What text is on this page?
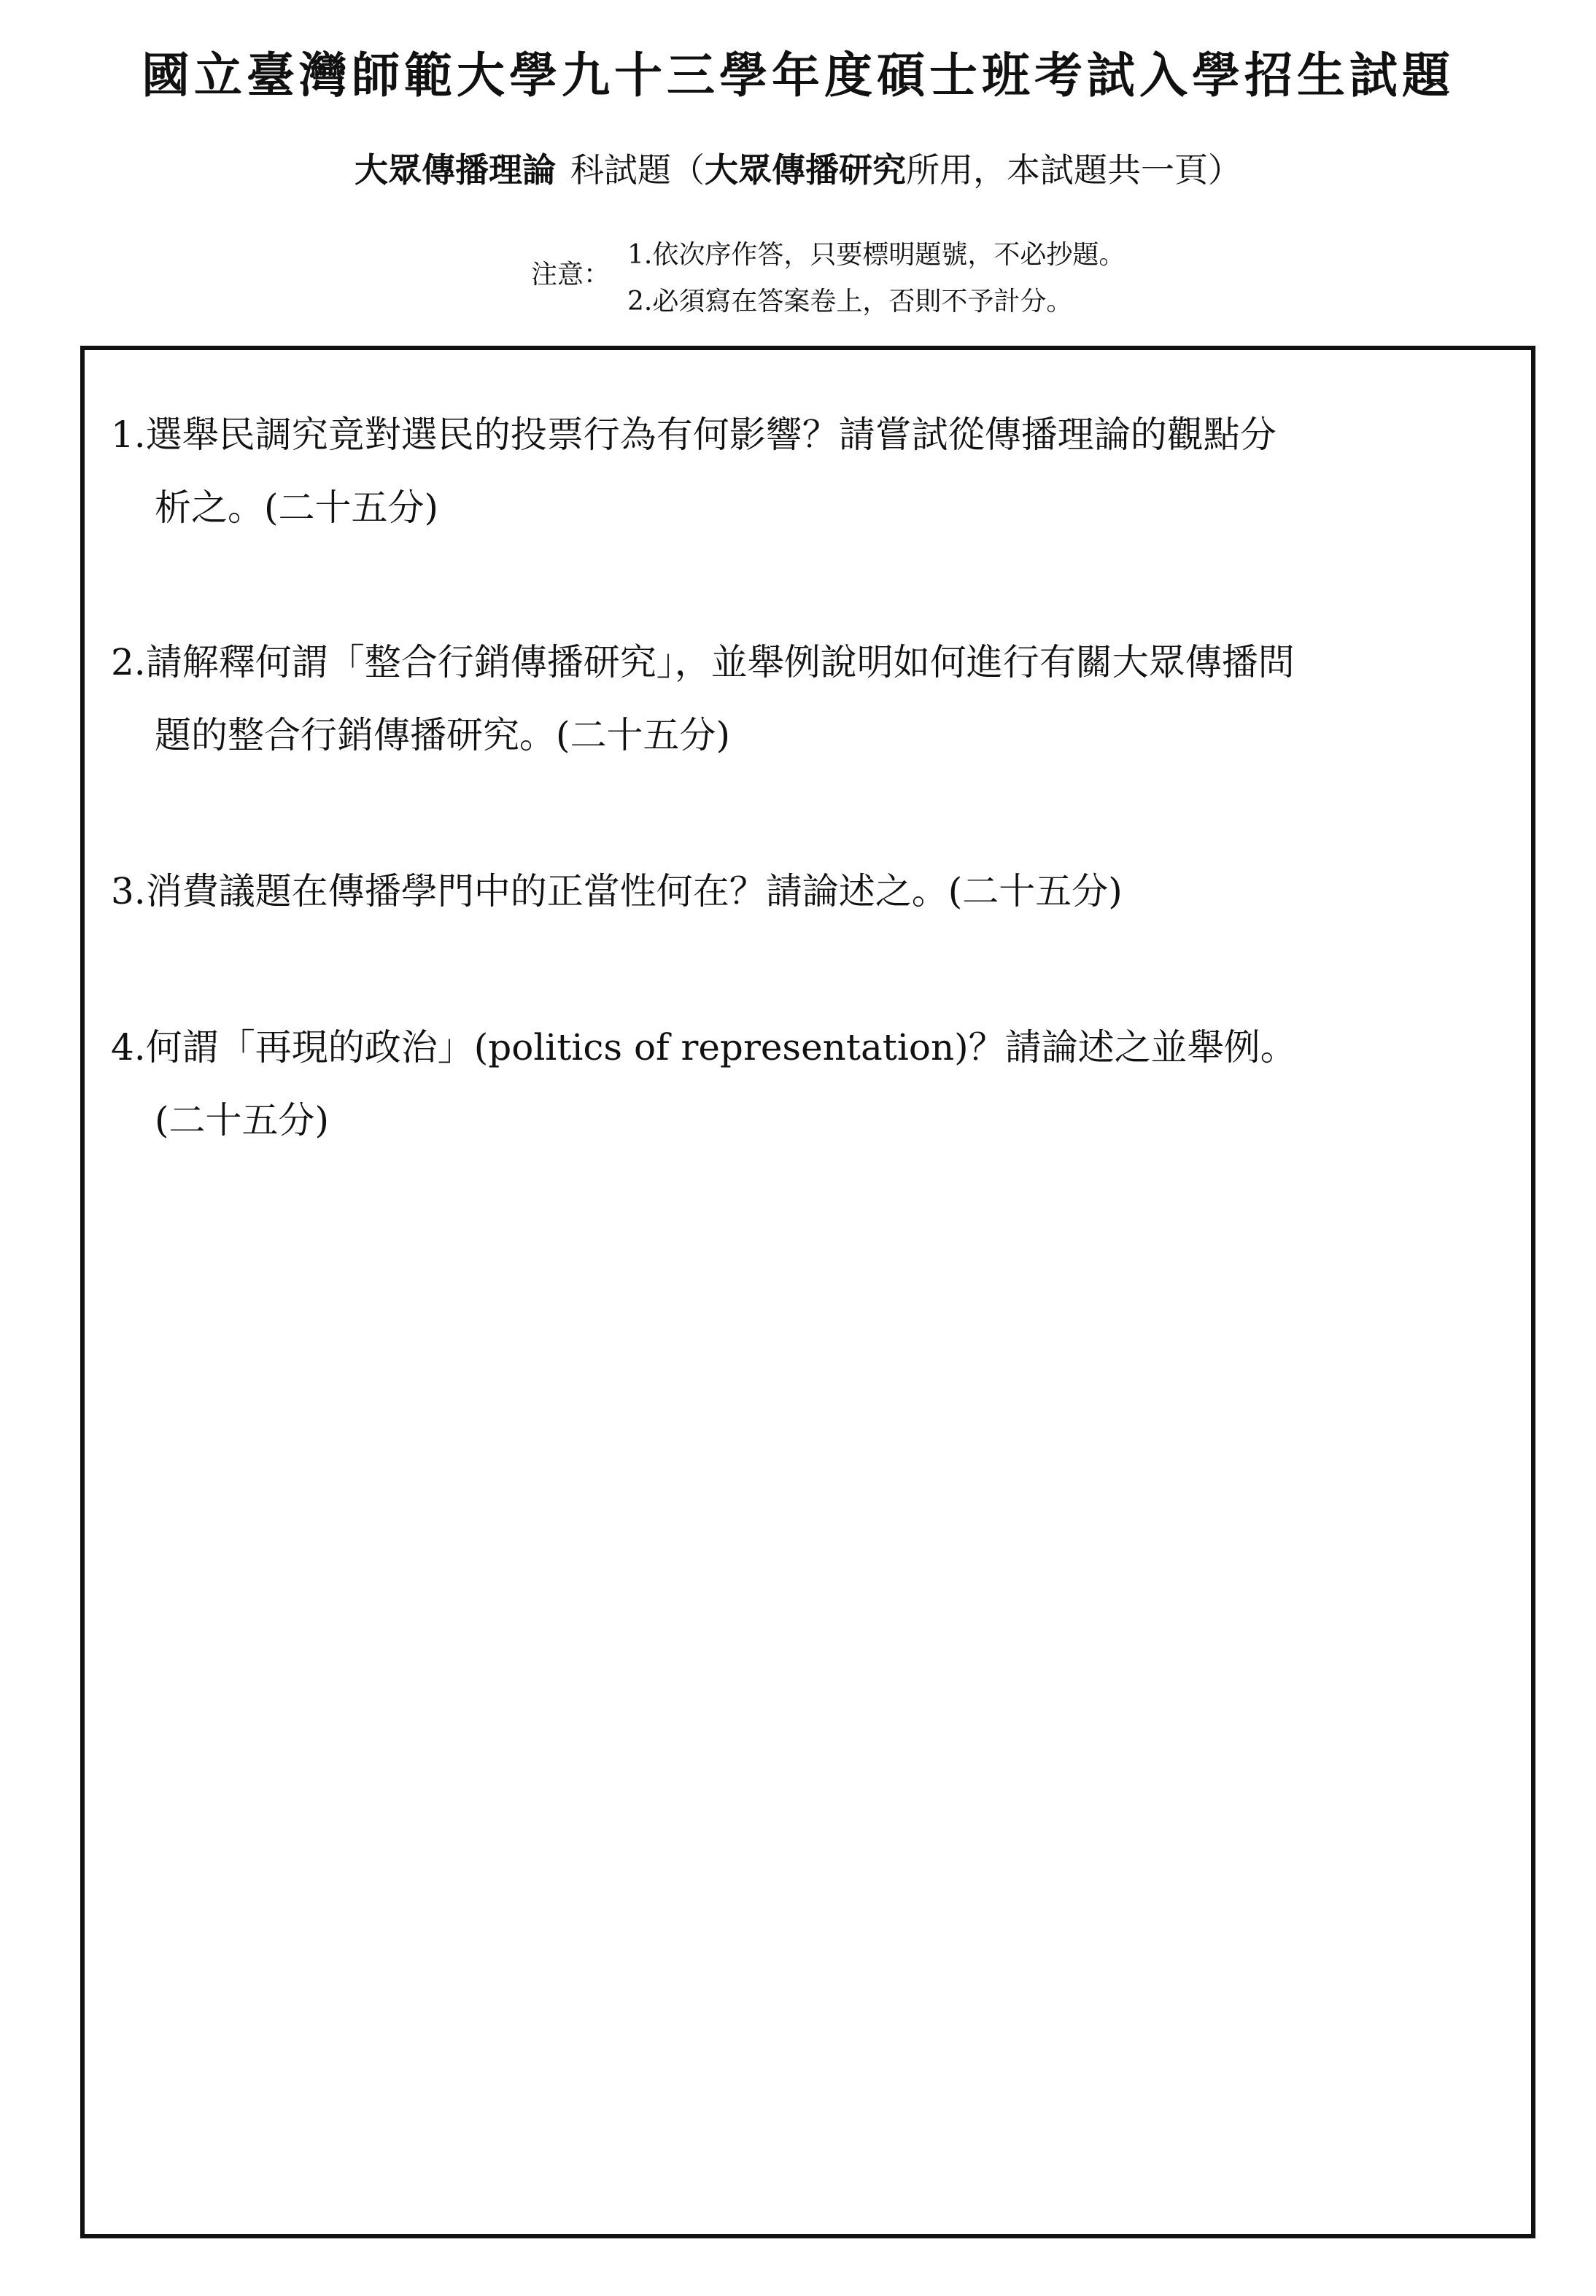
國立臺灣師範大學九十三學年度碩士班考試入學招生試題
大眾傳播理論 科試題（大眾傳播研究所用，本試題共一頁）
注意：
1.依次序作答，只要標明題號，不必抄題。
2.必須寫在答案卷上，否則不予計分。
1.選舉民調究竟對選民的投票行為有何影響？請嘗試從傳播理論的觀點分
析之。(二十五分)
2.請解釋何謂「整合行銷傳播研究」，並舉例說明如何進行有關大眾傳播問
題的整合行銷傳播研究。(二十五分)
3.消費議題在傳播學門中的正當性何在？請論述之。(二十五分)
4.何謂「再現的政治」(politics of representation)？請論述之並舉例。
(二十五分)
